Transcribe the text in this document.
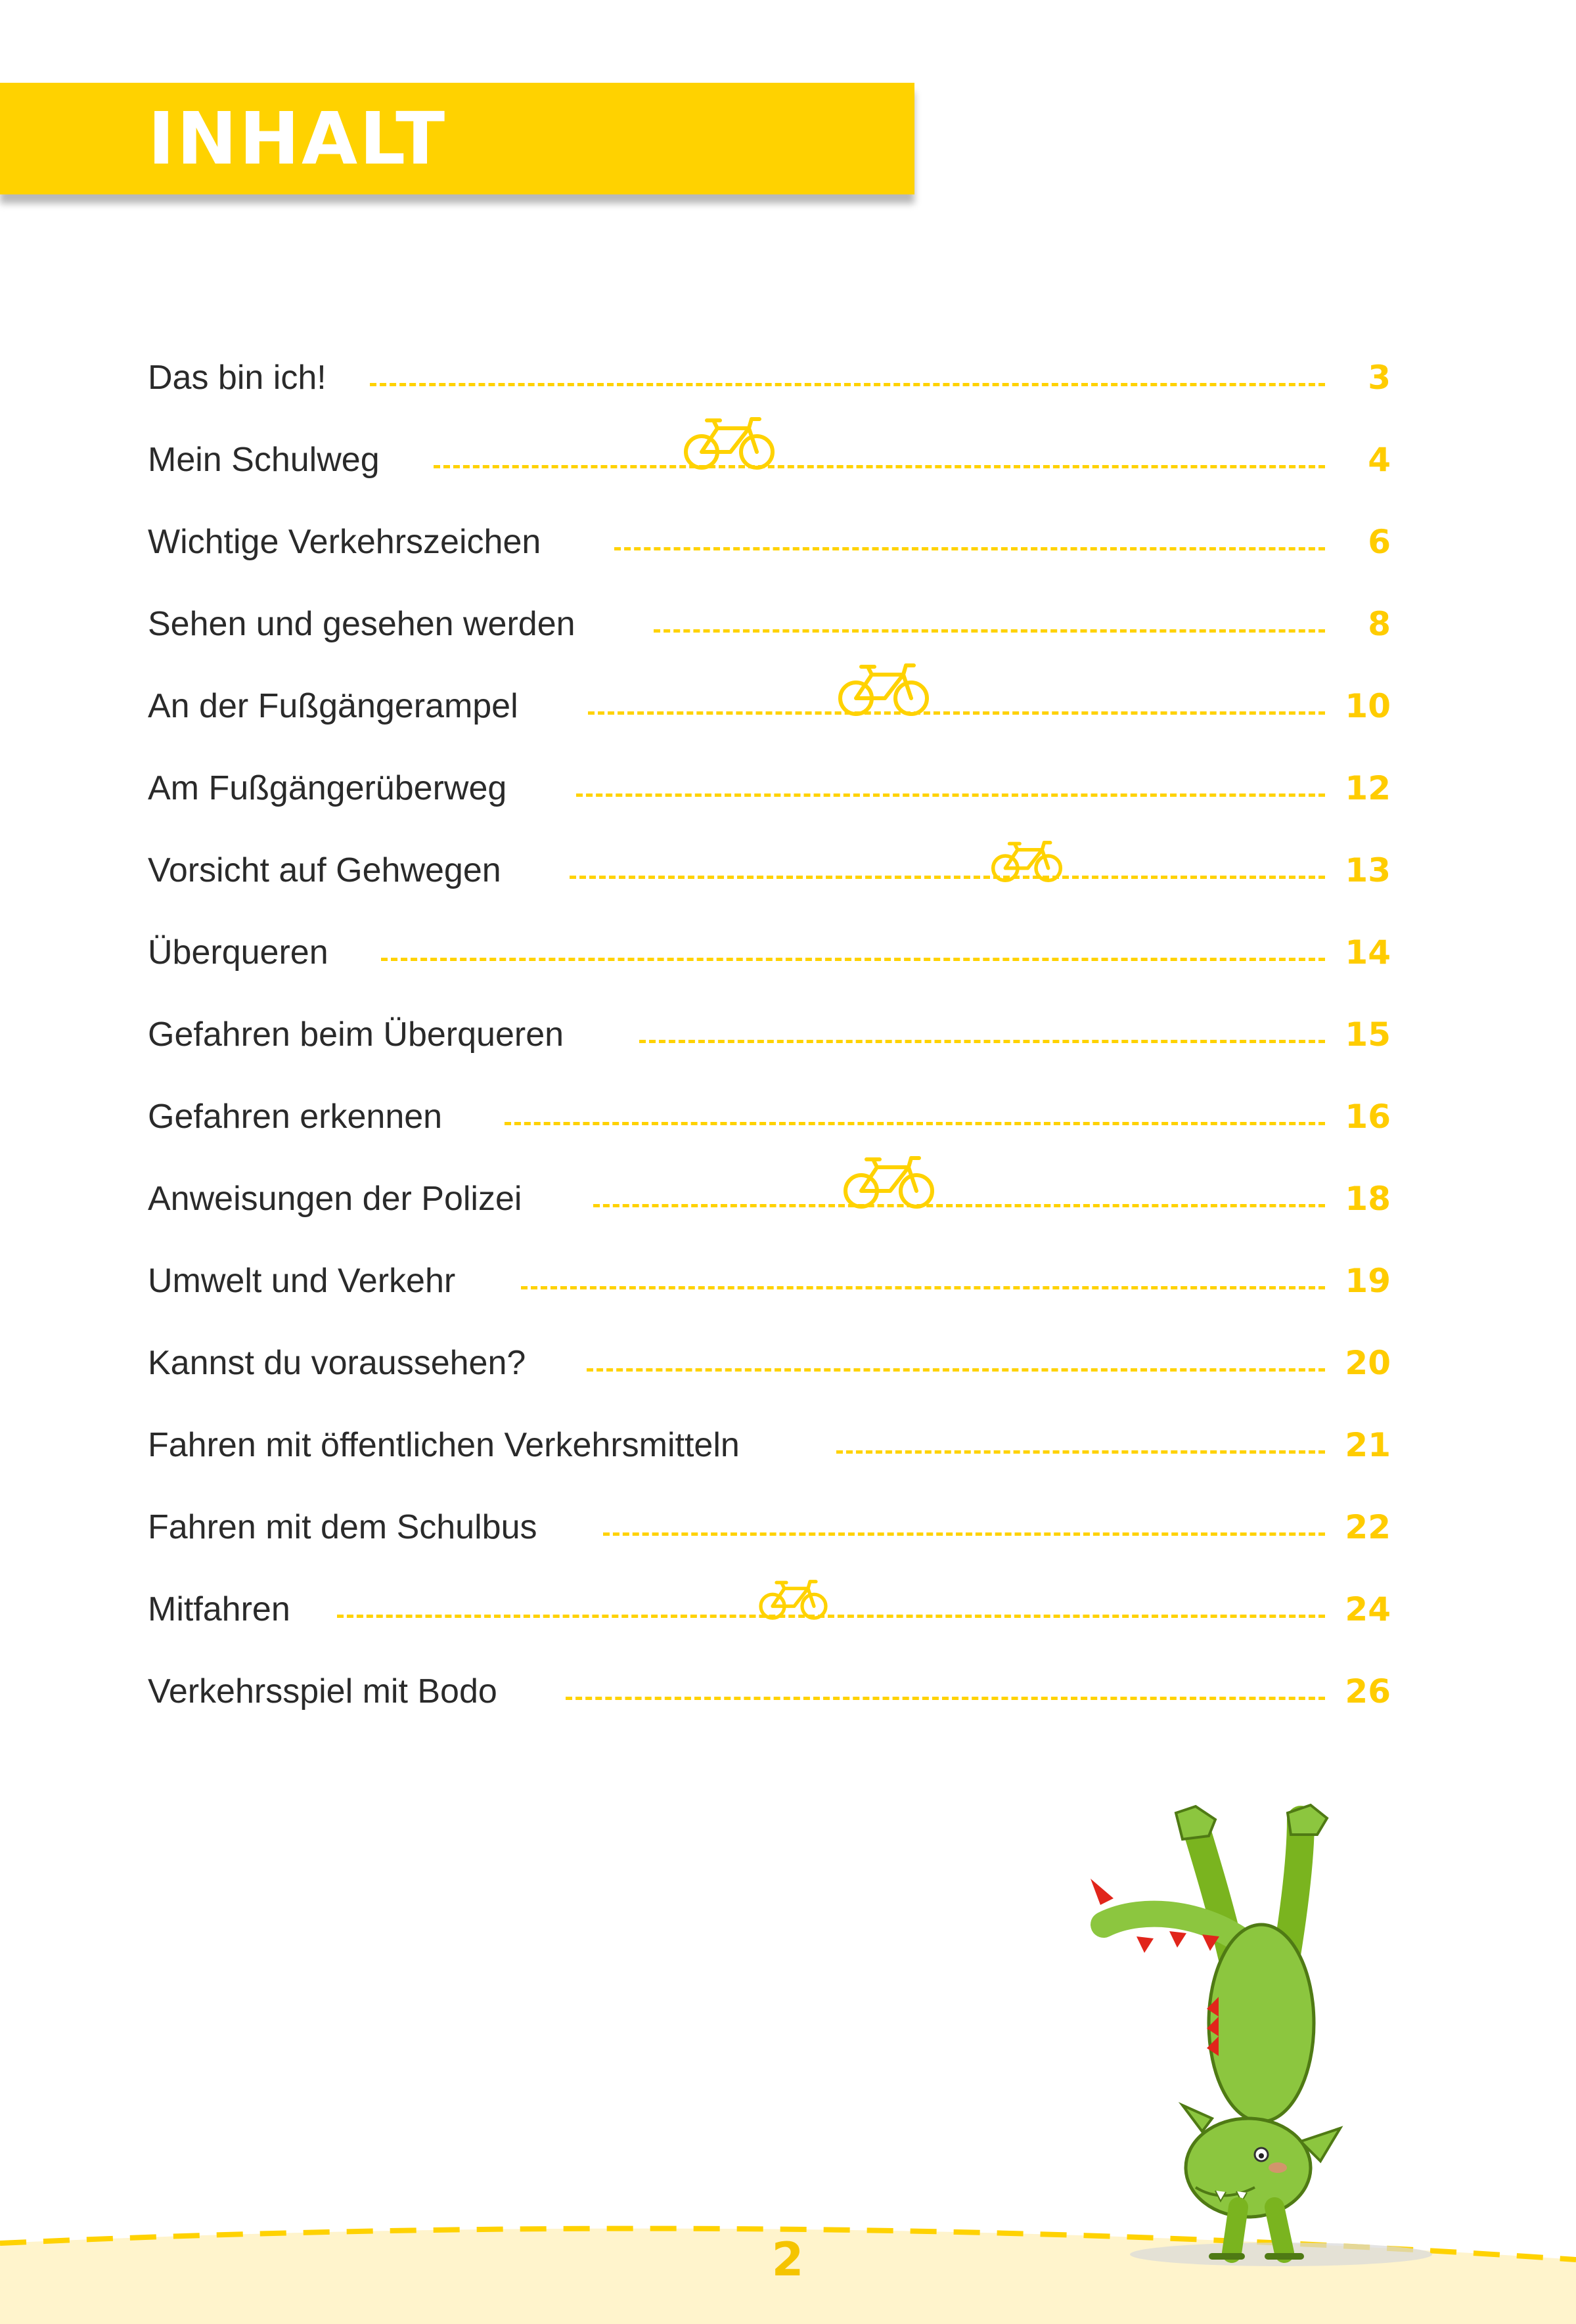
INHALT
Das bin ich!	3
Mein Schulweg	4
Wichtige Verkehrszeichen	6
Sehen und gesehen werden	8
An der Fußgängerampel	10
Am Fußgängerüberweg	12
Vorsicht auf Gehwegen	13
Überqueren	14
Gefahren beim Überqueren	15
Gefahren erkennen	16
Anweisungen der Polizei	18
Umwelt und Verkehr	19
Kannst du voraussehen?	20
Fahren mit öffentlichen Verkehrsmitteln	21
Fahren mit dem Schulbus	22
Mitfahren	24
Verkehrsspiel mit Bodo	26
2
